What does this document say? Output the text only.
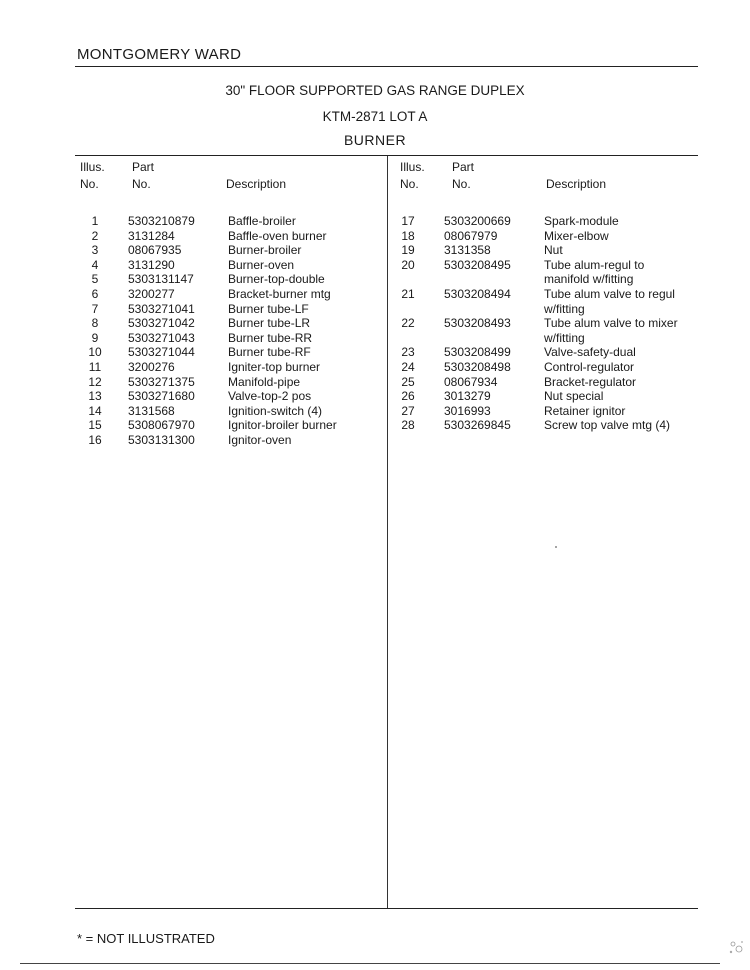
MONTGOMERY WARD
30" FLOOR SUPPORTED GAS RANGE DUPLEX
KTM-2871 LOT A
BURNER
Illus.
No.
Part
No.	Description
Illus.
No.
Part
No.	Description
1	5303210879	Baffle-broiler
2	3131284	Baffle-oven burner
3	08067935	Burner-broiler
4	3131290	Burner-oven
5	5303131147	Burner-top-double
6	3200277	Bracket-burner mtg
7	5303271041	Burner tube-LF
8	5303271042	Burner tube-LR
9	5303271043	Burner tube-RR
10	5303271044	Burner tube-RF
11	3200276	Igniter-top burner
12	5303271375	Manifold-pipe
13	5303271680	Valve-top-2 pos
14	3131568	Ignition-switch (4)
15	5308067970	Ignitor-broiler burner
16	5303131300	Ignitor-oven
17	5303200669	Spark-module
18	08067979	Mixer-elbow
19	3131358	Nut
20	5303208495	Tube alum-regul to
manifold w/fitting
21	5303208494	Tube alum valve to regul
w/fitting
22	5303208493	Tube alum valve to mixer
w/fitting
23	5303208499	Valve-safety-dual
24	5303208498	Control-regulator
25	08067934	Bracket-regulator
26	3013279	Nut special
27	3016993	Retainer ignitor
28	5303269845	Screw top valve mtg (4)
* = NOT ILLUSTRATED
